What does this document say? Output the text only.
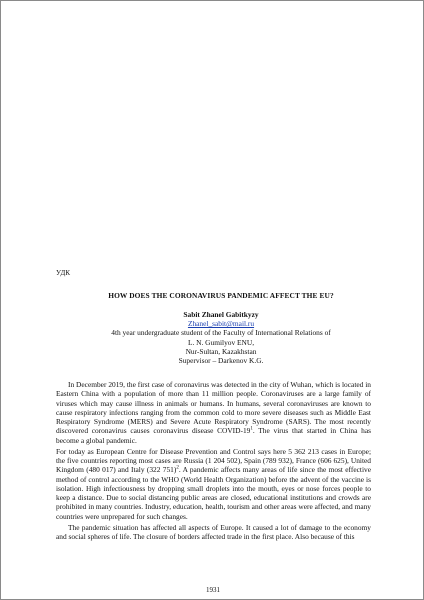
УДК
HOW DOES THE CORONAVIRUS PANDEMIC AFFECT THE EU?
Sabit Zhanel Gabitkyzy
Zhanel_sabit@mail.ru
4th year undergraduate student of the Faculty of International Relations of
L. N. Gumilyov ENU,
Nur-Sultan, Kazakhstan
Supervisor – Darkenov K.G.

In December 2019, the first case of coronavirus was detected in the city of Wuhan, which is located in Eastern China with a population of more than 11 million people. Coronaviruses are a large family of viruses which may cause illness in animals or humans. In humans, several coronaviruses are known to cause respiratory infections ranging from the common cold to more severe diseases such as Middle East Respiratory Syndrome (MERS) and Severe Acute Respiratory Syndrome (SARS). The most recently discovered coronavirus causes coronavirus disease COVID-$19^1$. The virus that started in China has become a global pandemic.

For today as European Centre for Disease Prevention and Control says here 5 362 213 cases in Europe; the five countries reporting most cases are Russia (1 204 502), Spain (789 932), France (606 625), United Kingdom (480 017) and Italy (322 751)$^2$. A pandemic affects many areas of life since the most effective method of control according to the WHO (World Health Organization) before the advent of the vaccine is isolation. High infectiousness by dropping small droplets into the mouth, eyes or nose forces people to keep a distance. Due to social distancing public areas are closed, educational institutions and crowds are prohibited in many countries. Industry, education, health, tourism and other areas were affected, and many countries were unprepared for such changes.

The pandemic situation has affected all aspects of Europe. It caused a lot of damage to the economy and social spheres of life. The closure of borders affected trade in the first place. Also because of this

1931
